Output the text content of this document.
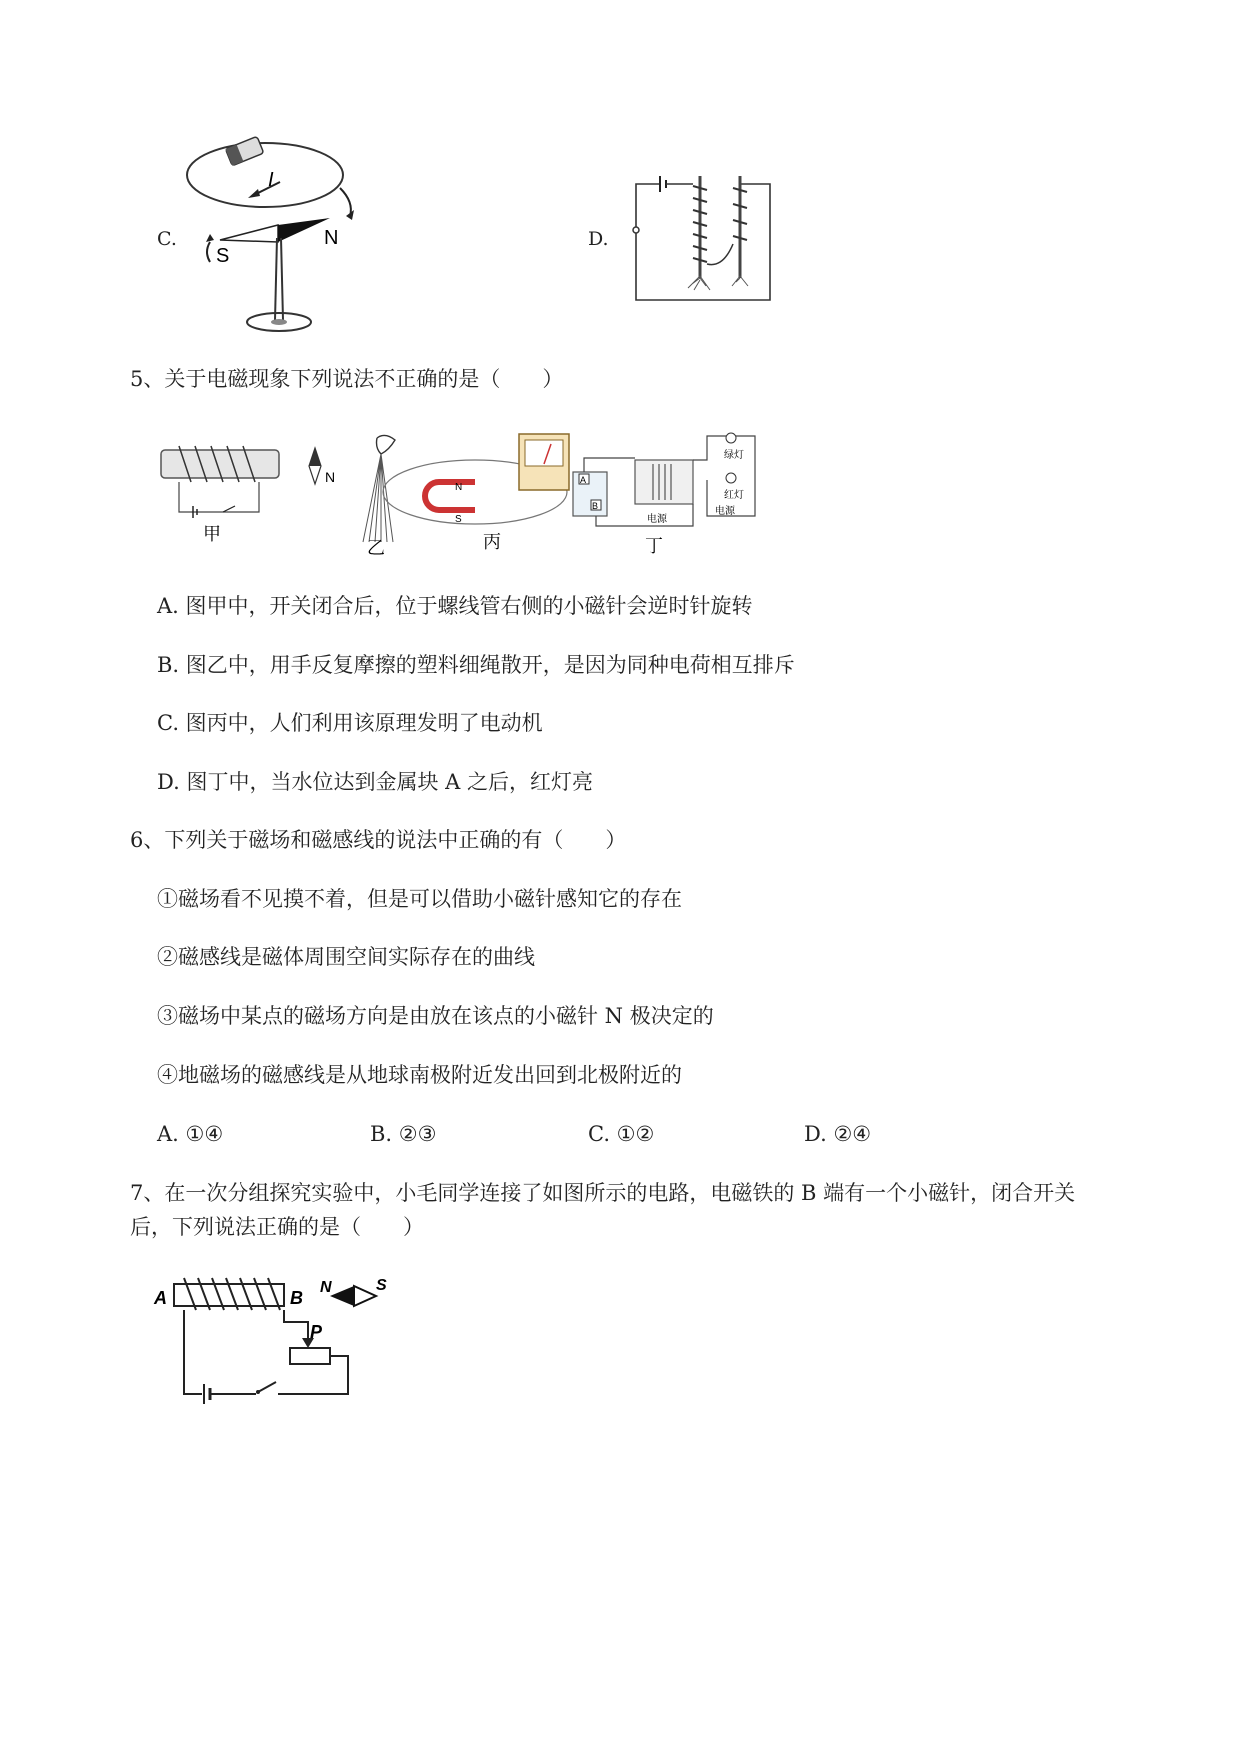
C.
I
S
N	D.
5、关于电磁现象下列说法不正确的是（　　）
甲
N
乙
N
S
丙
A
B
电源
绿灯
红灯
电源
丁
A. 图甲中，开关闭合后，位于螺线管右侧的小磁针会逆时针旋转
B. 图乙中，用手反复摩擦的塑料细绳散开，是因为同种电荷相互排斥
C. 图丙中，人们利用该原理发明了电动机
D. 图丁中，当水位达到金属块 A 之后，红灯亮
6、下列关于磁场和磁感线的说法中正确的有（　　）
①磁场看不见摸不着，但是可以借助小磁针感知它的存在
②磁感线是磁体周围空间实际存在的曲线
③磁场中某点的磁场方向是由放在该点的小磁针 N 极决定的
④地磁场的磁感线是从地球南极附近发出回到北极附近的
A. ①④	B. ②③	C. ①②	D. ②④
7、在一次分组探究实验中，小毛同学连接了如图所示的电路，电磁铁的 B 端有一个小磁针，闭合开关
后，下列说法正确的是（　　）
A	B
N	S
P
